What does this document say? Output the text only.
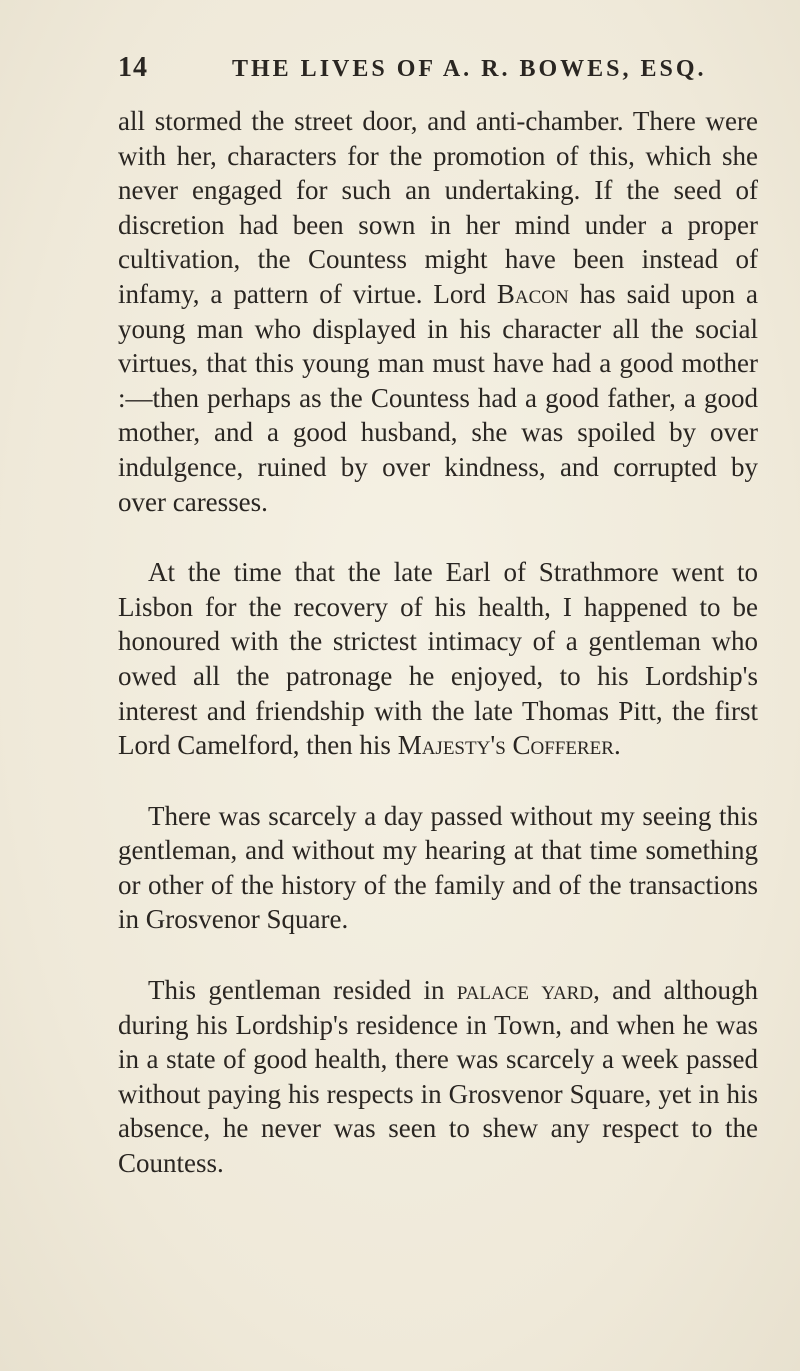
14	THE LIVES OF A. R. BOWES, ESQ.

all stormed the street door, and anti-chamber. There were with her, characters for the promotion of this, which she never engaged for such an undertaking. If the seed of discretion had been sown in her mind under a proper cultivation, the Countess might have been instead of infamy, a pattern of virtue. Lord Bacon has said upon a young man who displayed in his character all the social virtues, that this young man must have had a good mother :—then perhaps as the Countess had a good father, a good mother, and a good husband, she was spoiled by over indulgence, ruined by over kindness, and corrupted by over caresses.

At the time that the late Earl of Strathmore went to Lisbon for the recovery of his health, I happened to be honoured with the strictest intimacy of a gentleman who owed all the patronage he enjoyed, to his Lordship's interest and friendship with the late Thomas Pitt, the first Lord Camelford, then his Majesty's Cofferer.

There was scarcely a day passed without my seeing this gentleman, and without my hearing at that time something or other of the history of the family and of the transactions in Grosvenor Square.

This gentleman resided in palace yard, and although during his Lordship's residence in Town, and when he was in a state of good health, there was scarcely a week passed without paying his respects in Grosvenor Square, yet in his absence, he never was seen to shew any respect to the Countess.
